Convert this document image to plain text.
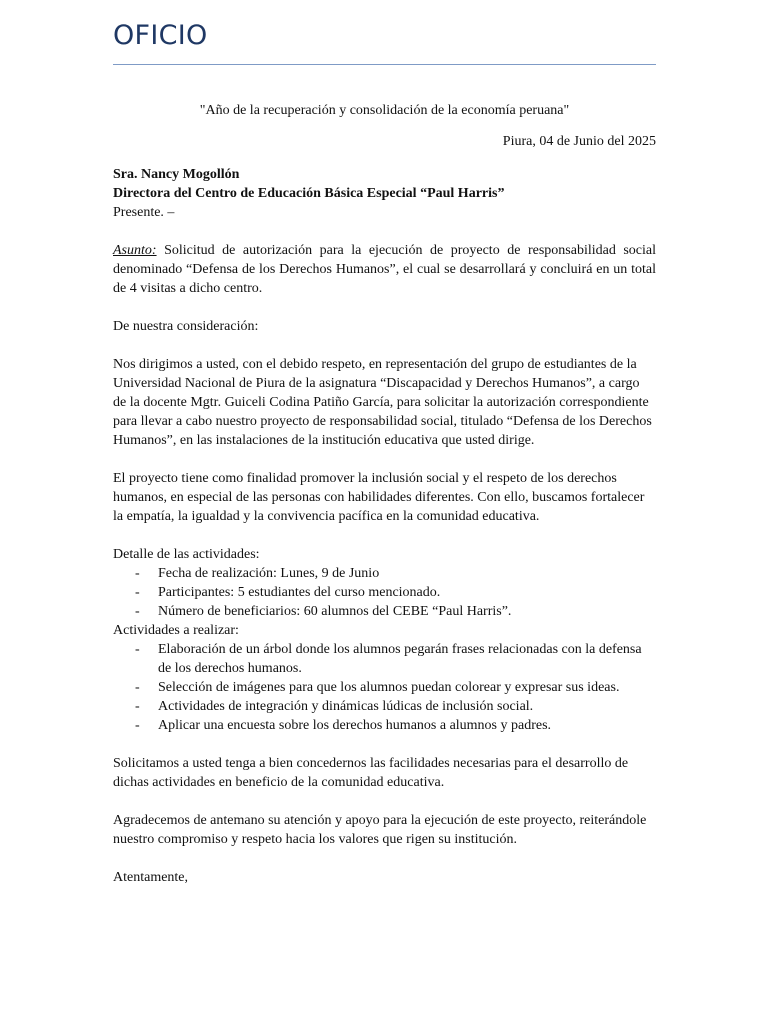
OFICIO

"Año de la recuperación y consolidación de la economía peruana"

Piura, 04 de Junio del 2025

Sra. Nancy Mogollón

Directora del Centro de Educación Básica Especial “Paul Harris”

Presente. –

Asunto: Solicitud de autorización para la ejecución de proyecto de responsabilidad social denominado “Defensa de los Derechos Humanos”, el cual se desarrollará y concluirá en un total de 4 visitas a dicho centro.

De nuestra consideración:

Nos dirigimos a usted, con el debido respeto, en representación del grupo de estudiantes de la Universidad Nacional de Piura de la asignatura “Discapacidad y Derechos Humanos”, a cargo de la docente Mgtr. Guiceli Codina Patiño García, para solicitar la autorización correspondiente para llevar a cabo nuestro proyecto de responsabilidad social, titulado “Defensa de los Derechos Humanos”, en las instalaciones de la institución educativa que usted dirige.

El proyecto tiene como finalidad promover la inclusión social y el respeto de los derechos humanos, en especial de las personas con habilidades diferentes. Con ello, buscamos fortalecer la empatía, la igualdad y la convivencia pacífica en la comunidad educativa.

Detalle de las actividades:

- Fecha de realización: Lunes, 9 de Junio
- Participantes: 5 estudiantes del curso mencionado.
- Número de beneficiarios: 60 alumnos del CEBE “Paul Harris”.

Actividades a realizar:

- Elaboración de un árbol donde los alumnos pegarán frases relacionadas con la defensa de los derechos humanos.
- Selección de imágenes para que los alumnos puedan colorear y expresar sus ideas.
- Actividades de integración y dinámicas lúdicas de inclusión social.
- Aplicar una encuesta sobre los derechos humanos a alumnos y padres.

Solicitamos a usted tenga a bien concedernos las facilidades necesarias para el desarrollo de dichas actividades en beneficio de la comunidad educativa.

Agradecemos de antemano su atención y apoyo para la ejecución de este proyecto, reiterándole nuestro compromiso y respeto hacia los valores que rigen su institución.

Atentamente,
